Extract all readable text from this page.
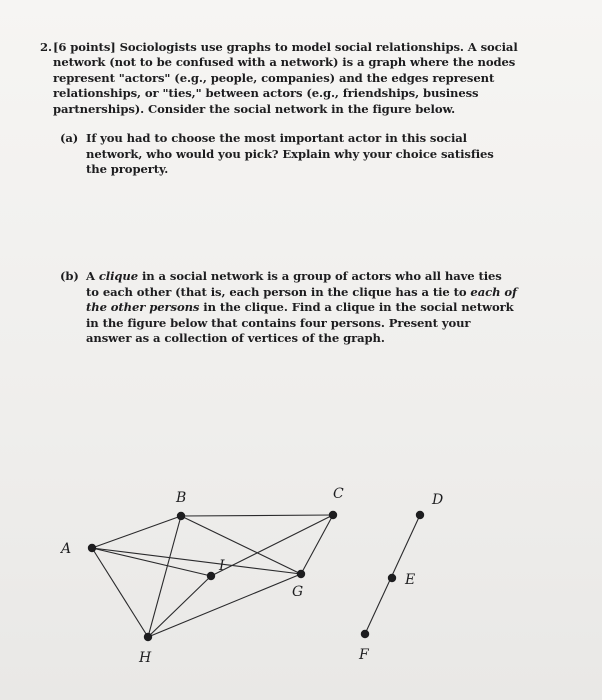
2. [6 points] Sociologists use graphs to model social relationships. A social network (not to be confused with a network) is a graph where the nodes represent "actors" (e.g., people, companies) and the edges represent relationships, or "ties," between actors (e.g., friendships, business partnerships). Consider the social network in the figure below.
(a) If you had to choose the most important actor in this social network, who would you pick? Explain why your choice satisfies the property.
(b) A clique in a social network is a group of actors who all have ties to each other (that is, each person in the clique has a tie to each of the other persons in the clique. Find a clique in the social network in the figure below that contains four persons. Present your answer as a collection of vertices of the graph.
A
B	C	D
E
F
G
H
I
